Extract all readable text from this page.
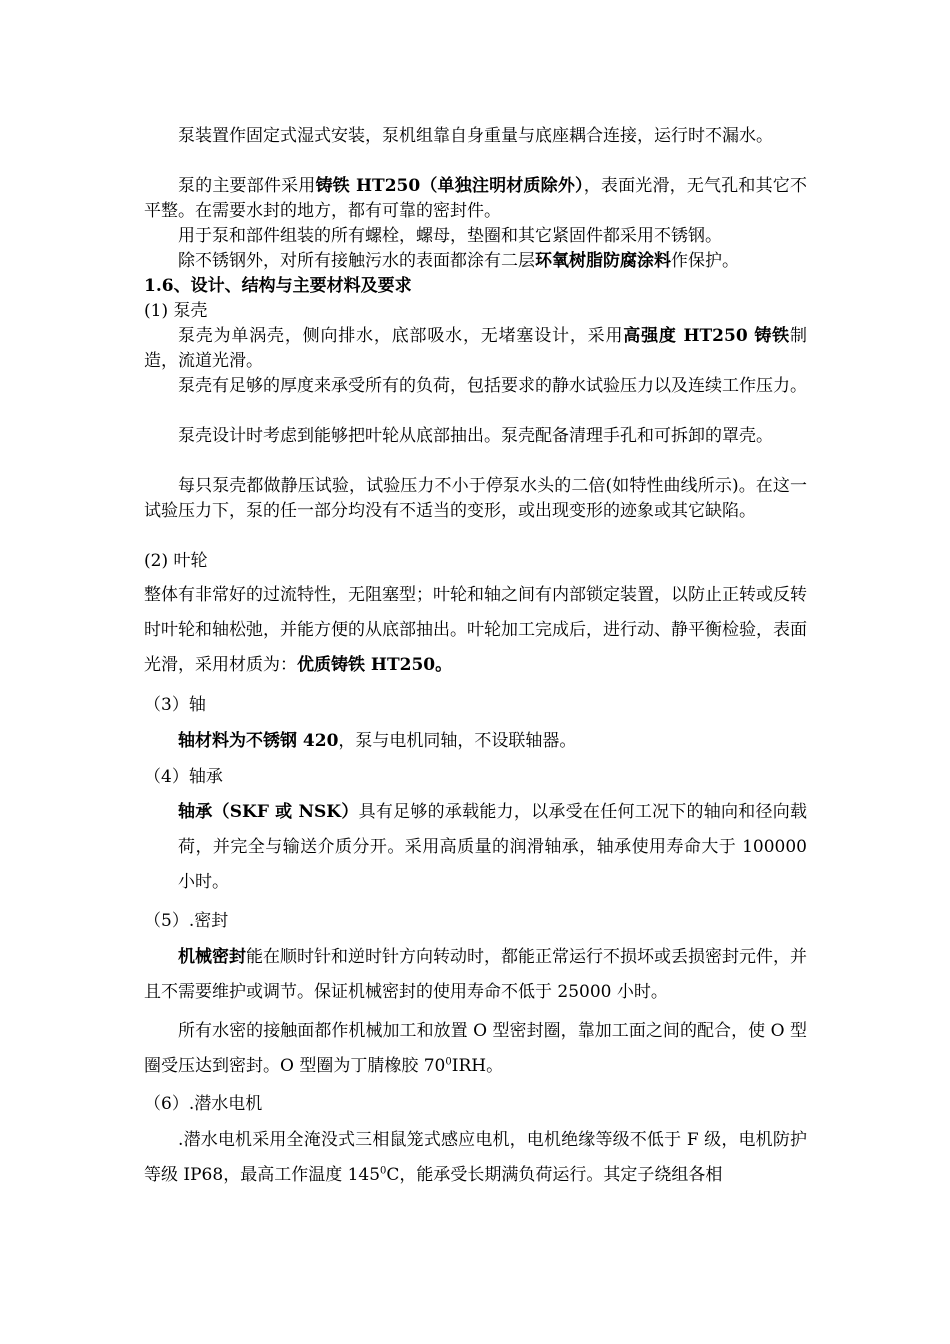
泵装置作固定式湿式安装，泵机组靠自身重量与底座耦合连接，运行时不漏水。

泵的主要部件采用铸铁 HT250（单独注明材质除外），表面光滑，无气孔和其它不平整。在需要水封的地方，都有可靠的密封件。

用于泵和部件组装的所有螺栓，螺母，垫圈和其它紧固件都采用不锈钢。

除不锈钢外，对所有接触污水的表面都涂有二层环氧树脂防腐涂料作保护。

1.6、设计、结构与主要材料及要求

(1) 泵壳

泵壳为单涡壳，侧向排水，底部吸水，无堵塞设计，采用高强度 HT250 铸铁制造，流道光滑。

泵壳有足够的厚度来承受所有的负荷，包括要求的静水试验压力以及连续工作压力。

泵壳设计时考虑到能够把叶轮从底部抽出。泵壳配备清理手孔和可拆卸的罩壳。

每只泵壳都做静压试验，试验压力不小于停泵水头的二倍(如特性曲线所示)。在这一试验压力下，泵的任一部分均没有不适当的变形，或出现变形的迹象或其它缺陷。

(2) 叶轮

整体有非常好的过流特性，无阻塞型；叶轮和轴之间有内部锁定装置，以防止正转或反转时叶轮和轴松弛，并能方便的从底部抽出。叶轮加工完成后，进行动、静平衡检验，表面光滑，采用材质为：优质铸铁 HT250。

（3）轴

轴材料为不锈钢 420，泵与电机同轴，不设联轴器。

（4）轴承

轴承（SKF 或 NSK）具有足够的承载能力，以承受在任何工况下的轴向和径向载荷，并完全与输送介质分开。采用高质量的润滑轴承，轴承使用寿命大于 100000 小时。

（5）.密封

机械密封能在顺时针和逆时针方向转动时，都能正常运行不损坏或丢损密封元件，并且不需要维护或调节。保证机械密封的使用寿命不低于 25000 小时。

所有水密的接触面都作机械加工和放置 O 型密封圈，靠加工面之间的配合，使 O 型圈受压达到密封。O 型圈为丁腈橡胶 $70^0IRH$。

（6）.潜水电机

.潜水电机采用全淹没式三相鼠笼式感应电机，电机绝缘等级不低于 F 级，电机防护等级 IP68，最高工作温度 $145^0C$，能承受长期满负荷运行。其定子绕组各相
